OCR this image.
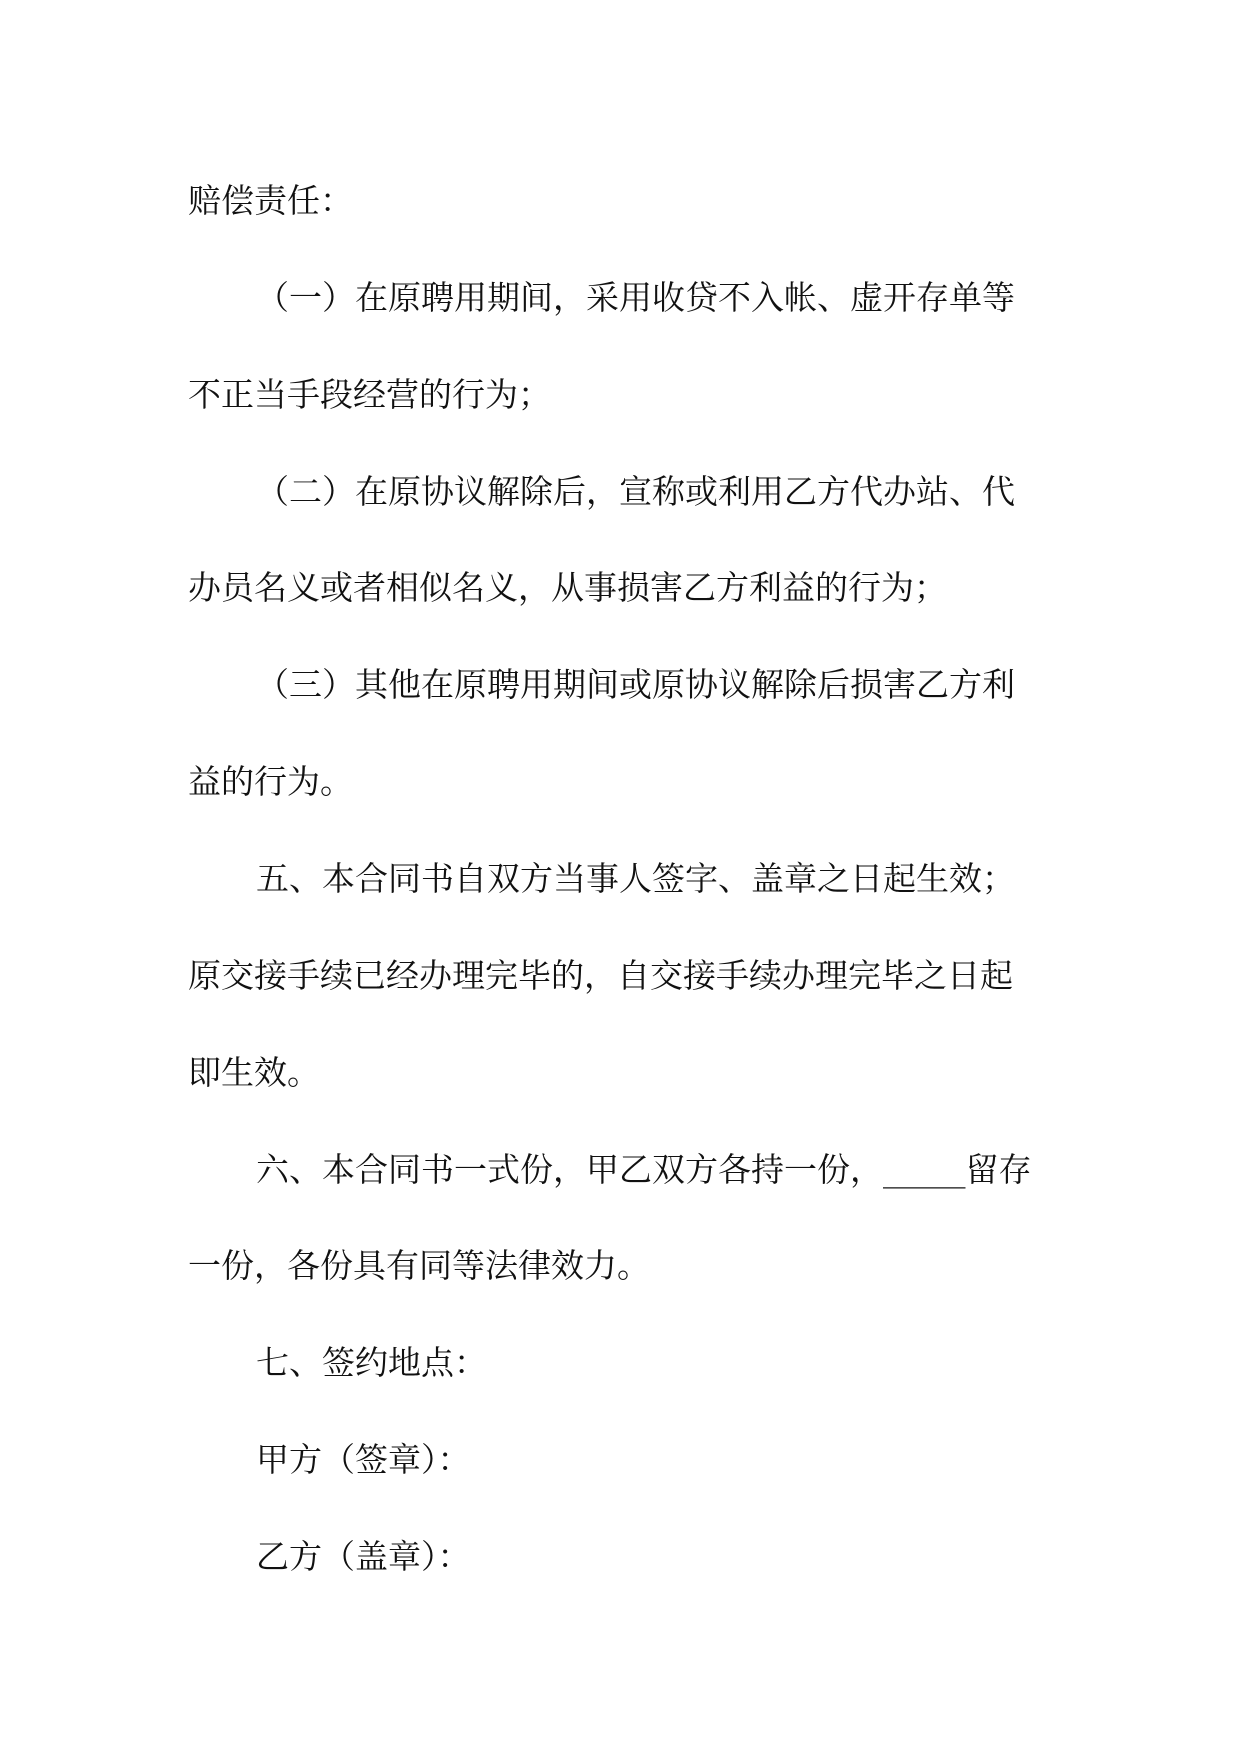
赔偿责任：

（一）在原聘用期间，采用收贷不入帐、虚开存单等

不正当手段经营的行为；

（二）在原协议解除后，宣称或利用乙方代办站、代

办员名义或者相似名义，从事损害乙方利益的行为；

（三）其他在原聘用期间或原协议解除后损害乙方利

益的行为。

五、本合同书自双方当事人签字、盖章之日起生效；

原交接手续已经办理完毕的，自交接手续办理完毕之日起

即生效。

六、本合同书一式份，甲乙双方各持一份，_____留存

一份，各份具有同等法律效力。

七、签约地点：

甲方（签章）：

乙方（盖章）：
